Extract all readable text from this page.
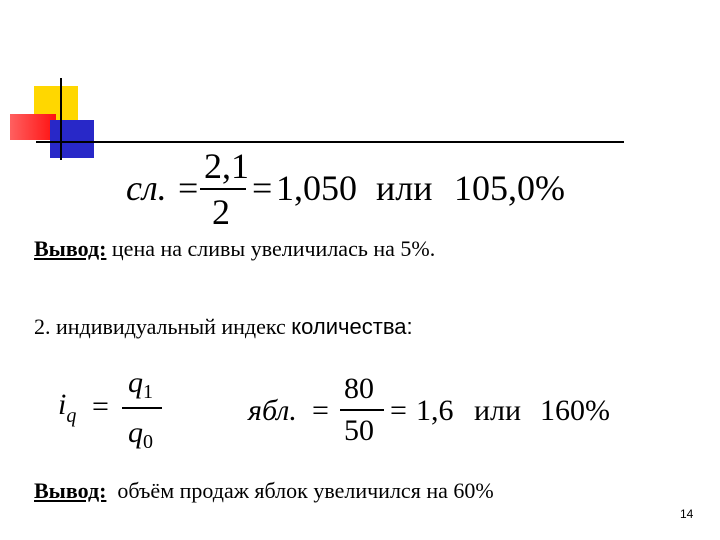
сл. =
2,1
2
= 1,050 или 105,0%
Вывод: цена на сливы увеличилась на 5%.
2. индивидуальный индекс количества:
$i_q$ =
$q_1$
$q_0$
ябл. =
80
50
= 1,6 или 160%
Вывод:  объём продаж яблок увеличился на 60%
14
